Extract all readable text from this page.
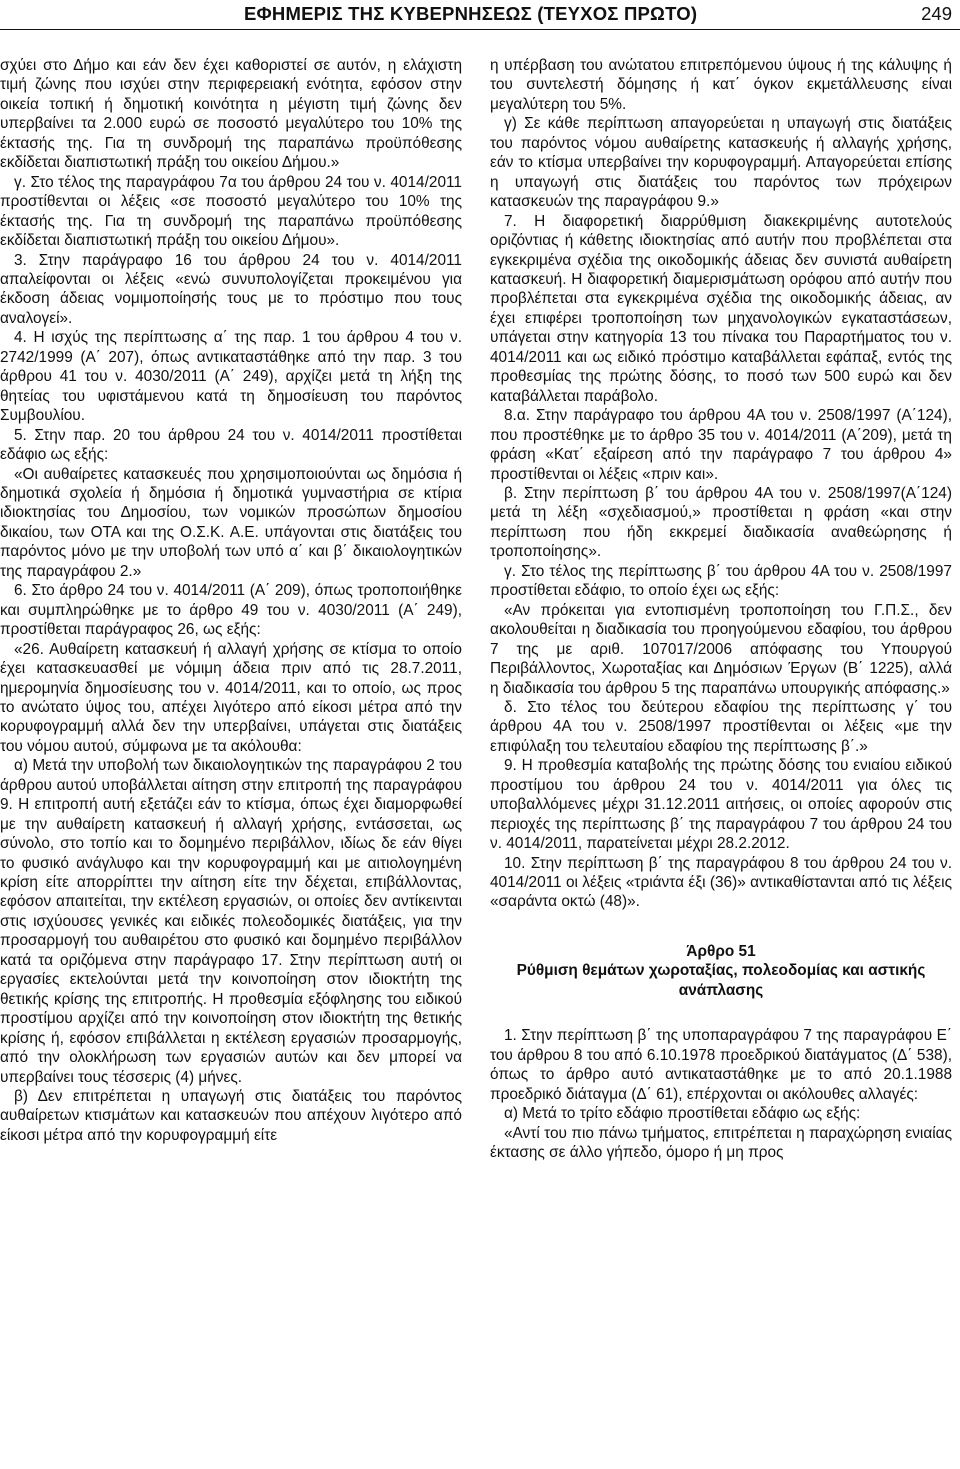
ΕΦΗΜΕΡΙΣ ΤΗΣ ΚΥΒΕΡΝΗΣΕΩΣ (ΤΕΥΧΟΣ ΠΡΩΤΟ)	249

σχύει στο Δήμο και εάν δεν έχει καθοριστεί σε αυτόν, η ελάχιστη τιμή ζώνης που ισχύει στην περιφερειακή ενότητα, εφόσον στην οικεία τοπική ή δημοτική κοινότητα η μέγιστη τιμή ζώνης δεν υπερβαίνει τα 2.000 ευρώ σε ποσοστό μεγαλύτερο του 10% της έκτασής της. Για τη συνδρομή της παραπάνω προϋπόθεσης εκδίδεται διαπιστωτική πράξη του οικείου Δήμου.»

γ. Στο τέλος της παραγράφου 7α του άρθρου 24 του ν. 4014/2011 προστίθενται οι λέξεις «σε ποσοστό μεγαλύτερο του 10% της έκτασής της. Για τη συνδρομή της παραπάνω προϋπόθεσης εκδίδεται διαπιστωτική πράξη του οικείου Δήμου».

3. Στην παράγραφο 16 του άρθρου 24 του ν. 4014/2011 απαλείφονται οι λέξεις «ενώ συνυπολογίζεται προκειμένου για έκδοση άδειας νομιμοποίησής τους με το πρόστιμο που τους αναλογεί».

4. Η ισχύς της περίπτωσης α΄ της παρ. 1 του άρθρου 4 του ν. 2742/1999 (Α΄ 207), όπως αντικαταστάθηκε από την παρ. 3 του άρθρου 41 του ν. 4030/2011 (Α΄ 249), αρχίζει μετά τη λήξη της θητείας του υφιστάμενου κατά τη δημοσίευση του παρόντος Συμβουλίου.

5. Στην παρ. 20 του άρθρου 24 του ν. 4014/2011 προστίθεται εδάφιο ως εξής:

«Οι αυθαίρετες κατασκευές που χρησιμοποιούνται ως δημόσια ή δημοτικά σχολεία ή δημόσια ή δημοτικά γυμναστήρια σε κτίρια ιδιοκτησίας του Δημοσίου, των νομικών προσώπων δημοσίου δικαίου, των ΟΤΑ και της Ο.Σ.Κ. Α.Ε. υπάγονται στις διατάξεις του παρόντος μόνο με την υποβολή των υπό α΄ και β΄ δικαιολογητικών της παραγράφου 2.»

6. Στο άρθρο 24 του ν. 4014/2011 (Α΄ 209), όπως τροποποιήθηκε και συμπληρώθηκε με το άρθρο 49 του ν. 4030/2011 (Α΄ 249), προστίθεται παράγραφος 26, ως εξής:

«26. Αυθαίρετη κατασκευή ή αλλαγή χρήσης σε κτίσμα το οποίο έχει κατασκευασθεί με νόμιμη άδεια πριν από τις 28.7.2011, ημερομηνία δημοσίευσης του ν. 4014/2011, και το οποίο, ως προς το ανώτατο ύψος του, απέχει λιγότερο από είκοσι μέτρα από την κορυφογραμμή αλλά δεν την υπερβαίνει, υπάγεται στις διατάξεις του νόμου αυτού, σύμφωνα με τα ακόλουθα:

α) Μετά την υποβολή των δικαιολογητικών της παραγράφου 2 του άρθρου αυτού υποβάλλεται αίτηση στην επιτροπή της παραγράφου 9. Η επιτροπή αυτή εξετάζει εάν το κτίσμα, όπως έχει διαμορφωθεί με την αυθαίρετη κατασκευή ή αλλαγή χρήσης, εντάσσεται, ως σύνολο, στο τοπίο και το δομημένο περιβάλλον, ιδίως δε εάν θίγει το φυσικό ανάγλυφο και την κορυφογραμμή και με αιτιολογημένη κρίση είτε απορρίπτει την αίτηση είτε την δέχεται, επιβάλλοντας, εφόσον απαιτείται, την εκτέλεση εργασιών, οι οποίες δεν αντίκεινται στις ισχύουσες γενικές και ειδικές πολεοδομικές διατάξεις, για την προσαρμογή του αυθαιρέτου στο φυσικό και δομημένο περιβάλλον κατά τα οριζόμενα στην παράγραφο 17. Στην περίπτωση αυτή οι εργασίες εκτελούνται μετά την κοινοποίηση στον ιδιοκτήτη της θετικής κρίσης της επιτροπής. Η προθεσμία εξόφλησης του ειδικού προστίμου αρχίζει από την κοινοποίηση στον ιδιοκτήτη της θετικής κρίσης ή, εφόσον επιβάλλεται η εκτέλεση εργασιών προσαρμογής, από την ολοκλήρωση των εργασιών αυτών και δεν μπορεί να υπερβαίνει τους τέσσερις (4) μήνες.

β) Δεν επιτρέπεται η υπαγωγή στις διατάξεις του παρόντος αυθαίρετων κτισμάτων και κατασκευών που απέχουν λιγότερο από είκοσι μέτρα από την κορυφογραμμή είτε

η υπέρβαση του ανώτατου επιτρεπόμενου ύψους ή της κάλυψης ή του συντελεστή δόμησης ή κατ΄ όγκον εκμετάλλευσης είναι μεγαλύτερη του 5%.

γ) Σε κάθε περίπτωση απαγορεύεται η υπαγωγή στις διατάξεις του παρόντος νόμου αυθαίρετης κατασκευής ή αλλαγής χρήσης, εάν το κτίσμα υπερβαίνει την κορυφογραμμή. Απαγορεύεται επίσης η υπαγωγή στις διατάξεις του παρόντος των πρόχειρων κατασκευών της παραγράφου 9.»

7. Η διαφορετική διαρρύθμιση διακεκριμένης αυτοτελούς οριζόντιας ή κάθετης ιδιοκτησίας από αυτήν που προβλέπεται στα εγκεκριμένα σχέδια της οικοδομικής άδειας δεν συνιστά αυθαίρετη κατασκευή. Η διαφορετική διαμερισμάτωση ορόφου από αυτήν που προβλέπεται στα εγκεκριμένα σχέδια της οικοδομικής άδειας, αν έχει επιφέρει τροποποίηση των μηχανολογικών εγκαταστάσεων, υπάγεται στην κατηγορία 13 του πίνακα του Παραρτήματος του ν. 4014/2011 και ως ειδικό πρόστιμο καταβάλλεται εφάπαξ, εντός της προθεσμίας της πρώτης δόσης, το ποσό των 500 ευρώ και δεν καταβάλλεται παράβολο.

8.α. Στην παράγραφο του άρθρου 4Α του ν. 2508/1997 (Α΄124), που προστέθηκε με το άρθρο 35 του ν. 4014/2011 (Α΄209), μετά τη φράση «Κατ΄ εξαίρεση από την παράγραφο 7 του άρθρου 4» προστίθενται οι λέξεις «πριν και».

β. Στην περίπτωση β΄ του άρθρου 4Α του ν. 2508/1997(Α΄124) μετά τη λέξη «σχεδιασμού,» προστίθεται η φράση «και στην περίπτωση που ήδη εκκρεμεί διαδικασία αναθεώρησης ή τροποποίησης».

γ. Στο τέλος της περίπτωσης β΄ του άρθρου 4Α του ν. 2508/1997 προστίθεται εδάφιο, το οποίο έχει ως εξής:

«Αν πρόκειται για εντοπισμένη τροποποίηση του Γ.Π.Σ., δεν ακολουθείται η διαδικασία του προηγούμενου εδαφίου, του άρθρου 7 της με αριθ. 107017/2006 απόφασης του Υπουργού Περιβάλλοντος, Χωροταξίας και Δημόσιων Έργων (Β΄ 1225), αλλά η διαδικασία του άρθρου 5 της παραπάνω υπουργικής απόφασης.»

δ. Στο τέλος του δεύτερου εδαφίου της περίπτωσης γ΄ του άρθρου 4Α του ν. 2508/1997 προστίθενται οι λέξεις «με την επιφύλαξη του τελευταίου εδαφίου της περίπτωσης β΄.»

9. Η προθεσμία καταβολής της πρώτης δόσης του ενιαίου ειδικού προστίμου του άρθρου 24 του ν. 4014/2011 για όλες τις υποβαλλόμενες μέχρι 31.12.2011 αιτήσεις, οι οποίες αφορούν στις περιοχές της περίπτωσης β΄ της παραγράφου 7 του άρθρου 24 του ν. 4014/2011, παρατείνεται μέχρι 28.2.2012.

10. Στην περίπτωση β΄ της παραγράφου 8 του άρθρου 24 του ν. 4014/2011 οι λέξεις «τριάντα έξι (36)» αντικαθίστανται από τις λέξεις «σαράντα οκτώ (48)».

Άρθρο 51

Ρύθμιση θεμάτων χωροταξίας, πολεοδομίας και αστικής ανάπλασης

1. Στην περίπτωση β΄ της υποπαραγράφου 7 της παραγράφου Ε΄ του άρθρου 8 του από 6.10.1978 προεδρικού διατάγματος (Δ΄ 538), όπως το άρθρο αυτό αντικαταστάθηκε με το από 20.1.1988 προεδρικό διάταγμα (Δ΄ 61), επέρχονται οι ακόλουθες αλλαγές:

α) Μετά το τρίτο εδάφιο προστίθεται εδάφιο ως εξής:

«Αντί του πιο πάνω τμήματος, επιτρέπεται η παραχώρηση ενιαίας έκτασης σε άλλο γήπεδο, όμορο ή μη προς
